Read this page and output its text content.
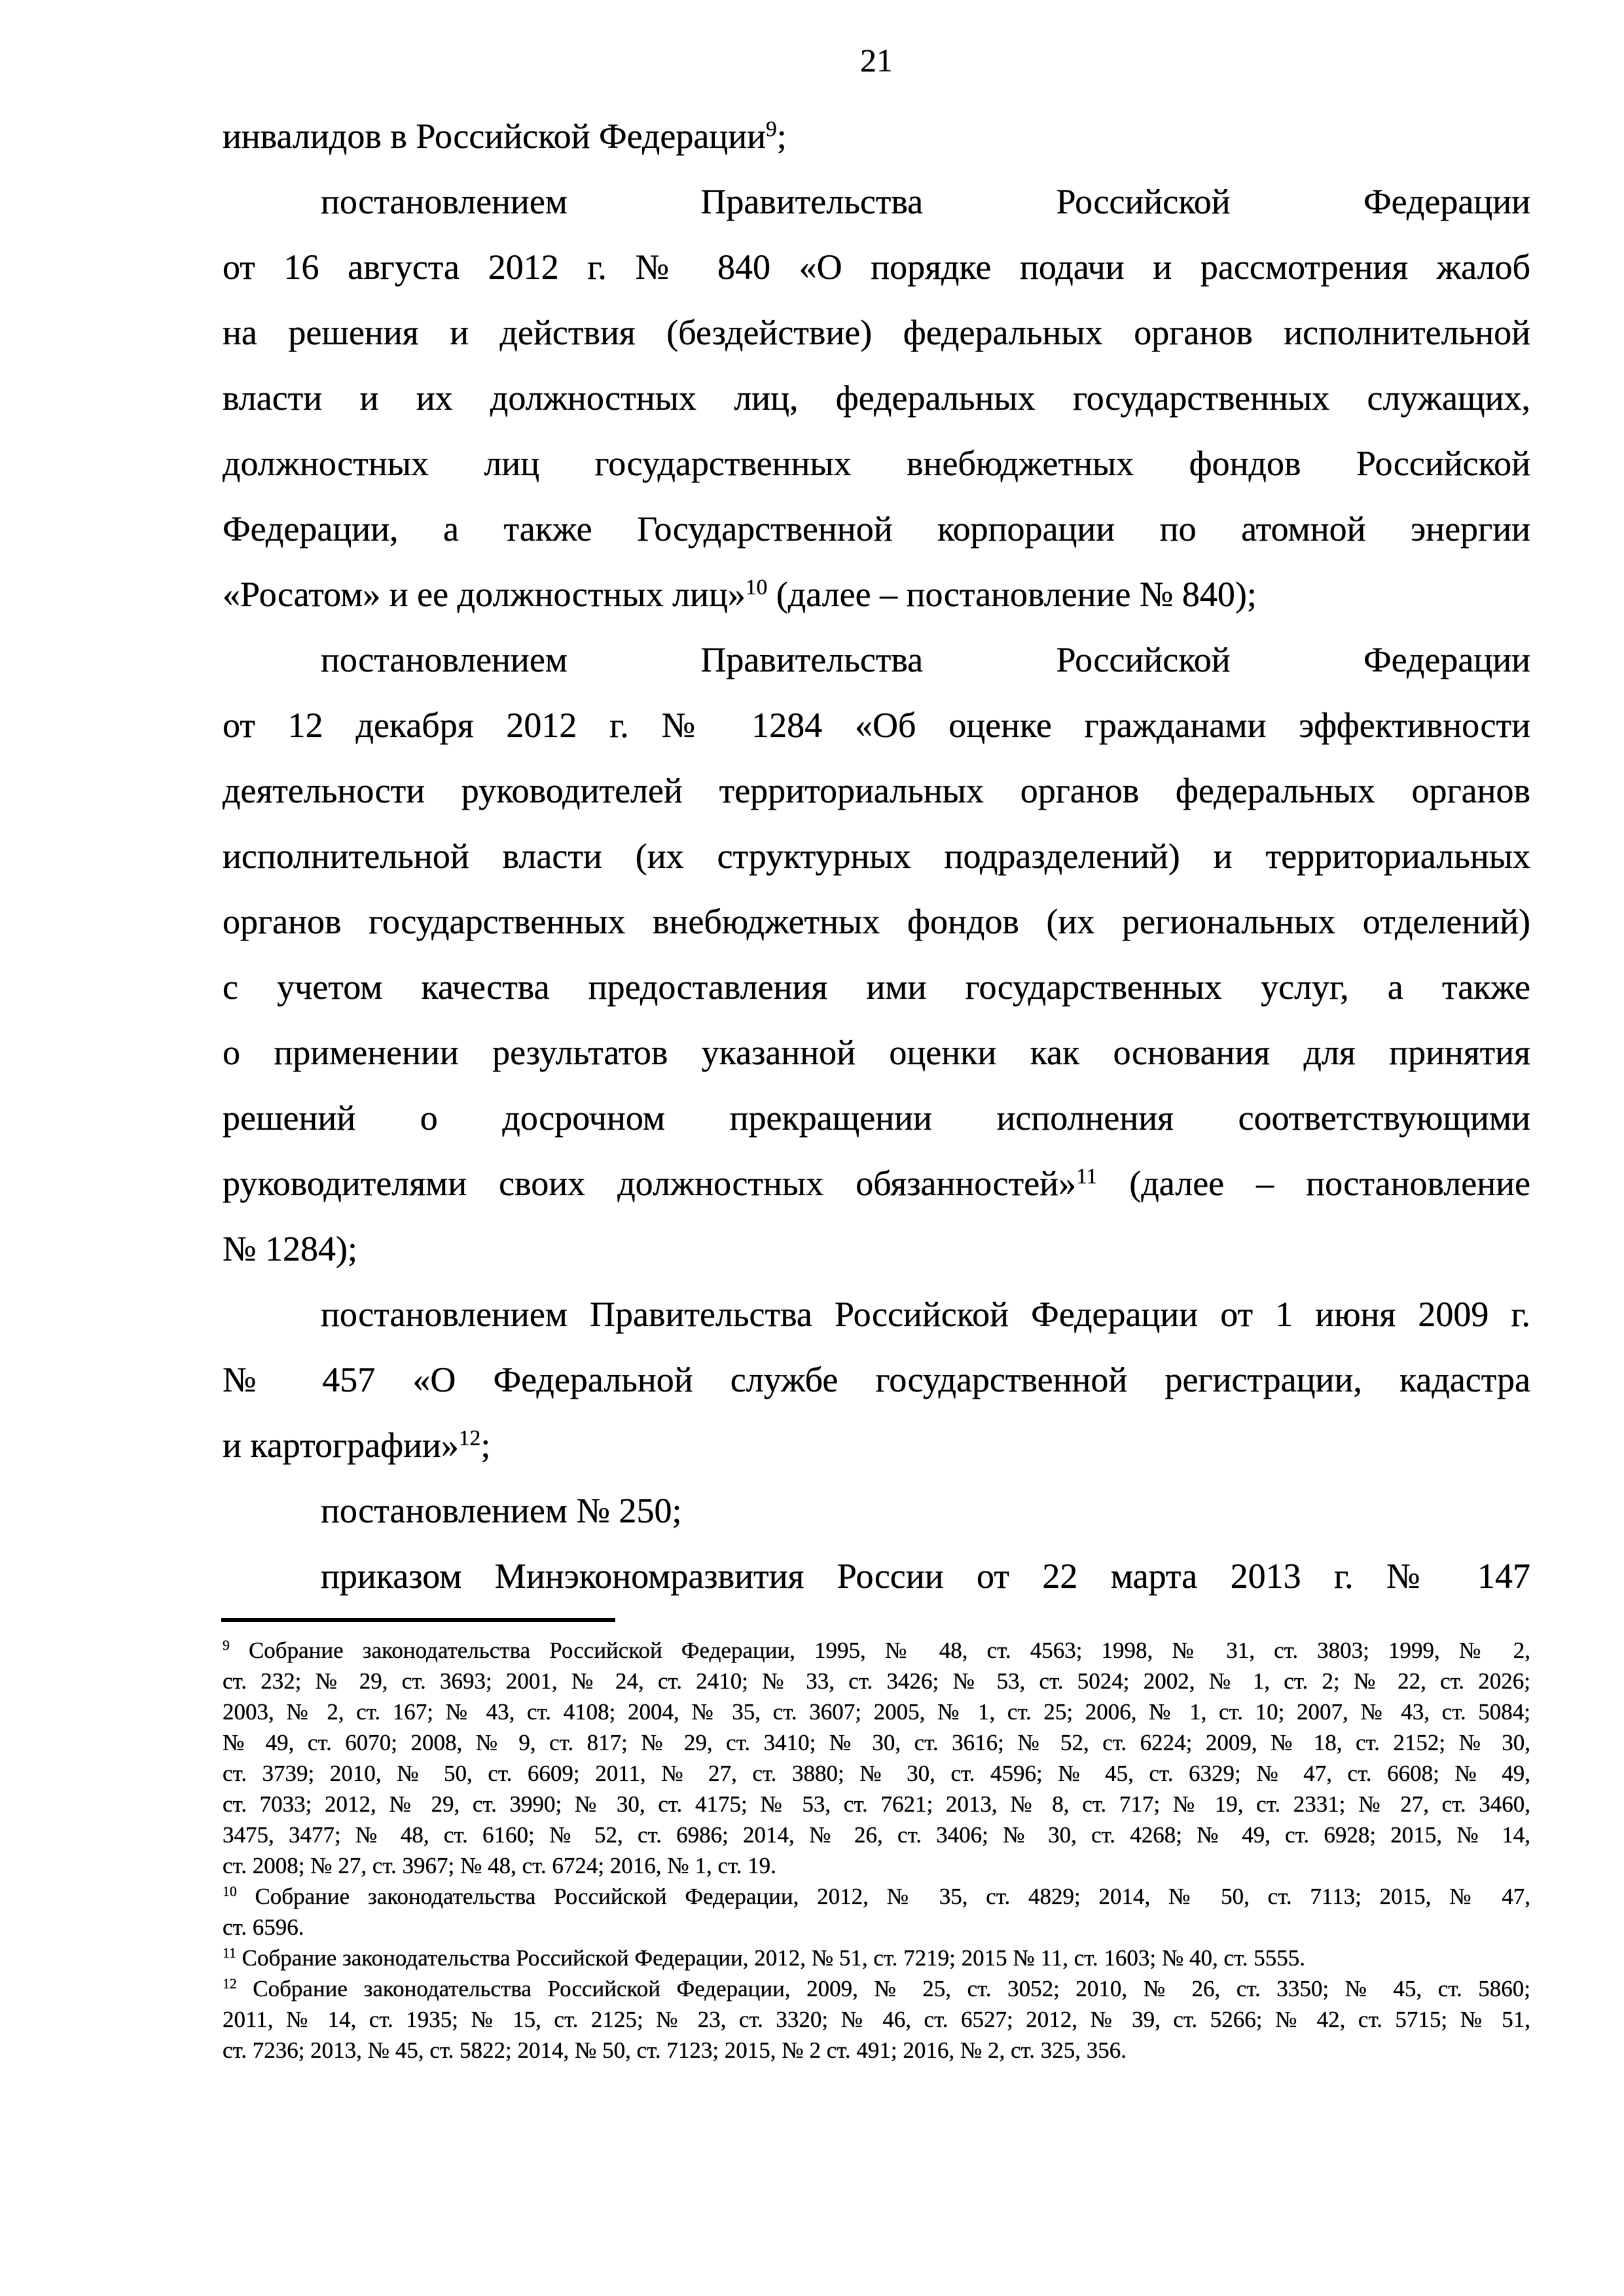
21
инвалидов в Российской Федерации$^9$;
постановлением Правительства Российской Федерации
от 16 августа 2012 г. № 840 «О порядке подачи и рассмотрения жалоб
на решения и действия (бездействие) федеральных органов исполнительной
власти и их должностных лиц, федеральных государственных служащих,
должностных лиц государственных внебюджетных фондов Российской
Федерации, а также Государственной корпорации по атомной энергии
«Росатом» и ее должностных лиц»$^{10}$ (далее – постановление № 840);
постановлением Правительства Российской Федерации
от 12 декабря 2012 г. № 1284 «Об оценке гражданами эффективности
деятельности руководителей территориальных органов федеральных органов
исполнительной власти (их структурных подразделений) и территориальных
органов государственных внебюджетных фондов (их региональных отделений)
с учетом качества предоставления ими государственных услуг, а также
о применении результатов указанной оценки как основания для принятия
решений о досрочном прекращении исполнения соответствующими
руководителями своих должностных обязанностей»$^{11}$ (далее – постановление
№ 1284);
постановлением Правительства Российской Федерации от 1 июня 2009 г.
№ 457 «О Федеральной службе государственной регистрации, кадастра
и картографии»$^{12}$;
постановлением № 250;
приказом Минэкономразвития России от 22 марта 2013 г. № 147
$^9$ Собрание законодательства Российской Федерации, 1995, № 48, ст. 4563; 1998, № 31, ст. 3803; 1999, № 2,
ст. 232; № 29, ст. 3693; 2001, № 24, ст. 2410; № 33, ст. 3426; № 53, ст. 5024; 2002, № 1, ст. 2; № 22, ст. 2026;
2003, № 2, ст. 167; № 43, ст. 4108; 2004, № 35, ст. 3607; 2005, № 1, ст. 25; 2006, № 1, ст. 10; 2007, № 43, ст. 5084;
№ 49, ст. 6070; 2008, № 9, ст. 817; № 29, ст. 3410; № 30, ст. 3616; № 52, ст. 6224; 2009, № 18, ст. 2152; № 30,
ст. 3739; 2010, № 50, ст. 6609; 2011, № 27, ст. 3880; № 30, ст. 4596; № 45, ст. 6329; № 47, ст. 6608; № 49,
ст. 7033; 2012, № 29, ст. 3990; № 30, ст. 4175; № 53, ст. 7621; 2013, № 8, ст. 717; № 19, ст. 2331; № 27, ст. 3460,
3475, 3477; № 48, ст. 6160; № 52, ст. 6986; 2014, № 26, ст. 3406; № 30, ст. 4268; № 49, ст. 6928; 2015, № 14,
ст. 2008; № 27, ст. 3967; № 48, ст. 6724; 2016, № 1, ст. 19.
$^{10}$ Собрание законодательства Российской Федерации, 2012, № 35, ст. 4829; 2014, № 50, ст. 7113; 2015, № 47,
ст. 6596.
$^{11}$ Собрание законодательства Российской Федерации, 2012, № 51, ст. 7219; 2015 № 11, ст. 1603; № 40, ст. 5555.
$^{12}$ Собрание законодательства Российской Федерации, 2009, № 25, ст. 3052; 2010, № 26, ст. 3350; № 45, ст. 5860;
2011, № 14, ст. 1935; № 15, ст. 2125; № 23, ст. 3320; № 46, ст. 6527; 2012, № 39, ст. 5266; № 42, ст. 5715; № 51,
ст. 7236; 2013, № 45, ст. 5822; 2014, № 50, ст. 7123; 2015, № 2 ст. 491; 2016, № 2, ст. 325, 356.
